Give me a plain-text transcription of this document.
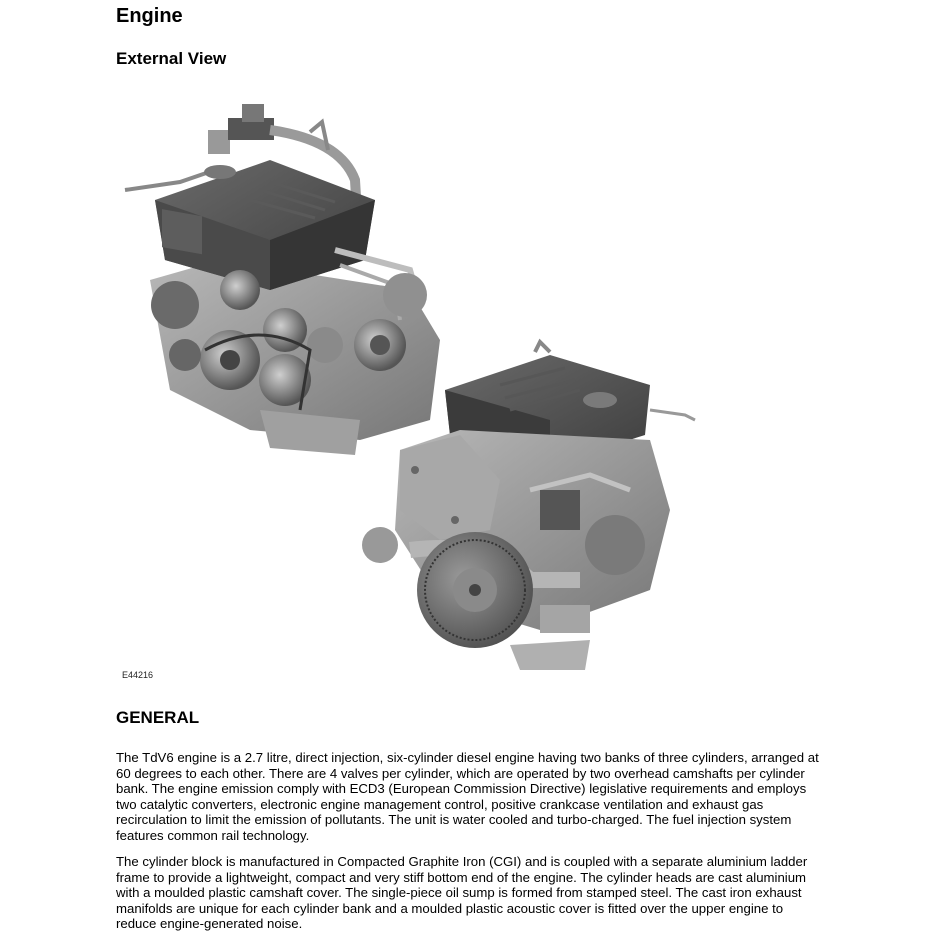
Engine
External View
E44216
GENERAL

The TdV6 engine is a 2.7 litre, direct injection, six-cylinder diesel engine having two banks of three cylinders, arranged at
60 degrees to each other. There are 4 valves per cylinder, which are operated by two overhead camshafts per cylinder
bank. The engine emission comply with ECD3 (European Commission Directive) legislative requirements and employs
two catalytic converters, electronic engine management control, positive crankcase ventilation and exhaust gas
recirculation to limit the emission of pollutants. The unit is water cooled and turbo-charged. The fuel injection system
features common rail technology.

The cylinder block is manufactured in Compacted Graphite Iron (CGI) and is coupled with a separate aluminium ladder
frame to provide a lightweight, compact and very stiff bottom end of the engine. The cylinder heads are cast aluminium
with a moulded plastic camshaft cover. The single-piece oil sump is formed from stamped steel. The cast iron exhaust
manifolds are unique for each cylinder bank and a moulded plastic acoustic cover is fitted over the upper engine to
reduce engine-generated noise.
